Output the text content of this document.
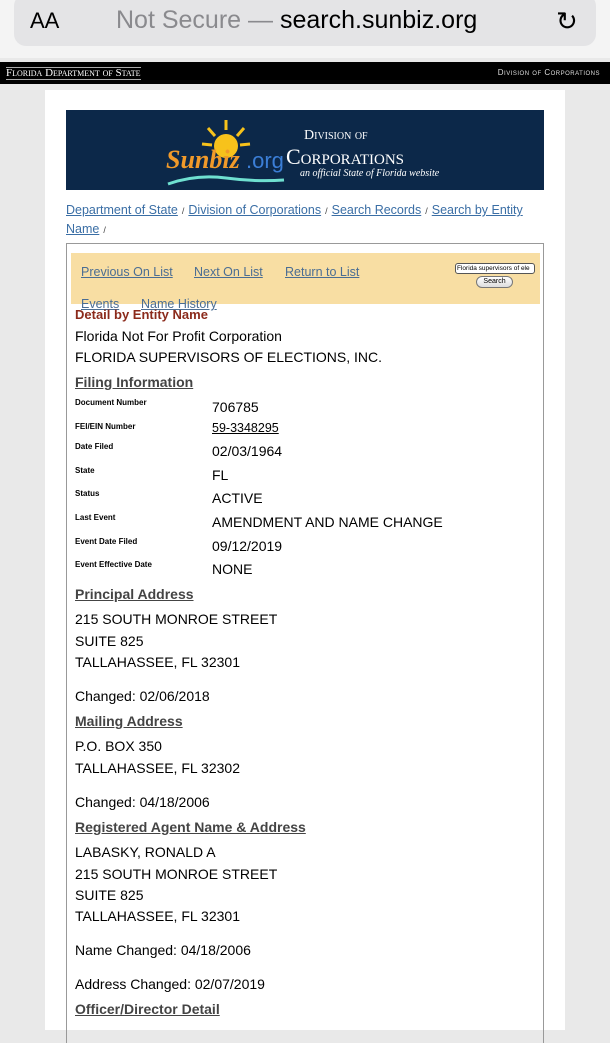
AA Not Secure — search.sunbiz.org	↻
Florida Department of State	Division of Corporations
Sunbiz .org
Division of
Corporations
an official State of Florida website
Department of State / Division of Corporations / Search Records / Search by Entity Name /
Previous On List Next On List Return to List
Events Name History
Florida supervisors of ele
Search
Detail by Entity Name
Florida Not For Profit Corporation
FLORIDA SUPERVISORS OF ELECTIONS, INC.
Filing Information
Document Number	706785
FEI/EIN Number	59-3348295
Date Filed	02/03/1964
State	FL
Status	ACTIVE
Last Event	AMENDMENT AND NAME CHANGE
Event Date Filed	09/12/2019
Event Effective Date	NONE
Principal Address
215 SOUTH MONROE STREET
SUITE 825
TALLAHASSEE, FL 32301
Changed: 02/06/2018
Mailing Address
P.O. BOX 350
TALLAHASSEE, FL 32302
Changed: 04/18/2006
Registered Agent Name & Address
LABASKY, RONALD A
215 SOUTH MONROE STREET
SUITE 825
TALLAHASSEE, FL 32301
Name Changed: 04/18/2006
Address Changed: 02/07/2019
Officer/Director Detail
